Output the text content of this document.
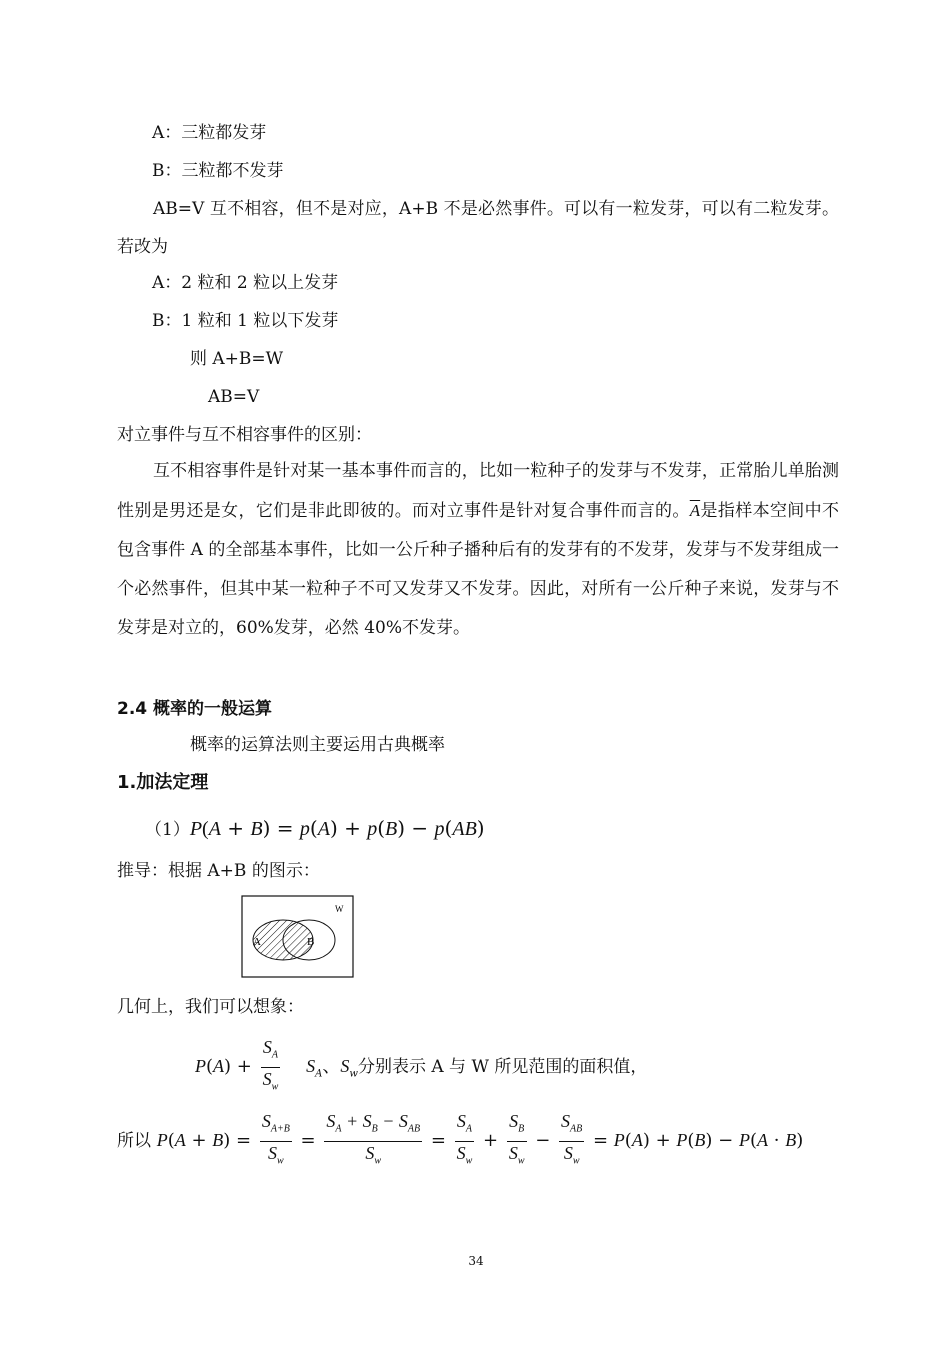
A：三粒都发芽
B：三粒都不发芽
AB=V 互不相容，但不是对应，A+B 不是必然事件。可以有一粒发芽，可以有二粒发芽。若改为
A：2 粒和 2 粒以上发芽
B：1 粒和 1 粒以下发芽
则 A+B=W
AB=V
对立事件与互不相容事件的区别：
互不相容事件是针对某一基本事件而言的，比如一粒种子的发芽与不发芽，正常胎儿单胎测性别是男还是女，它们是非此即彼的。而对立事件是针对复合事件而言的。$\overline{A}$是指样本空间中不包含事件 A 的全部基本事件，比如一公斤种子播种后有的发芽有的不发芽，发芽与不发芽组成一个必然事件，但其中某一粒种子不可又发芽又不发芽。因此，对所有一公斤种子来说，发芽与不发芽是对立的，60%发芽，必然 40%不发芽。
2.4 概率的一般运算
概率的运算法则主要运用古典概率
1.加法定理
（1）P(A + B) = p(A) + p(B) − p(AB)
推导：根据 A+B 的图示：
W
A	B
几何上，我们可以想象：
$P(A) + \frac{S_A}{S_w} S_A$、$S_w$分别表示 A 与 W 所见范围的面积值，
所以 $P(A + B) = \frac{S_{A+B}}{S_w} = \frac{S_A + S_B - S_{AB}}{S_w} = \frac{S_A}{S_w} + \frac{S_B}{S_w} - \frac{S_{AB}}{S_w} = P(A) + P(B) - P(A \cdot B)$
34
